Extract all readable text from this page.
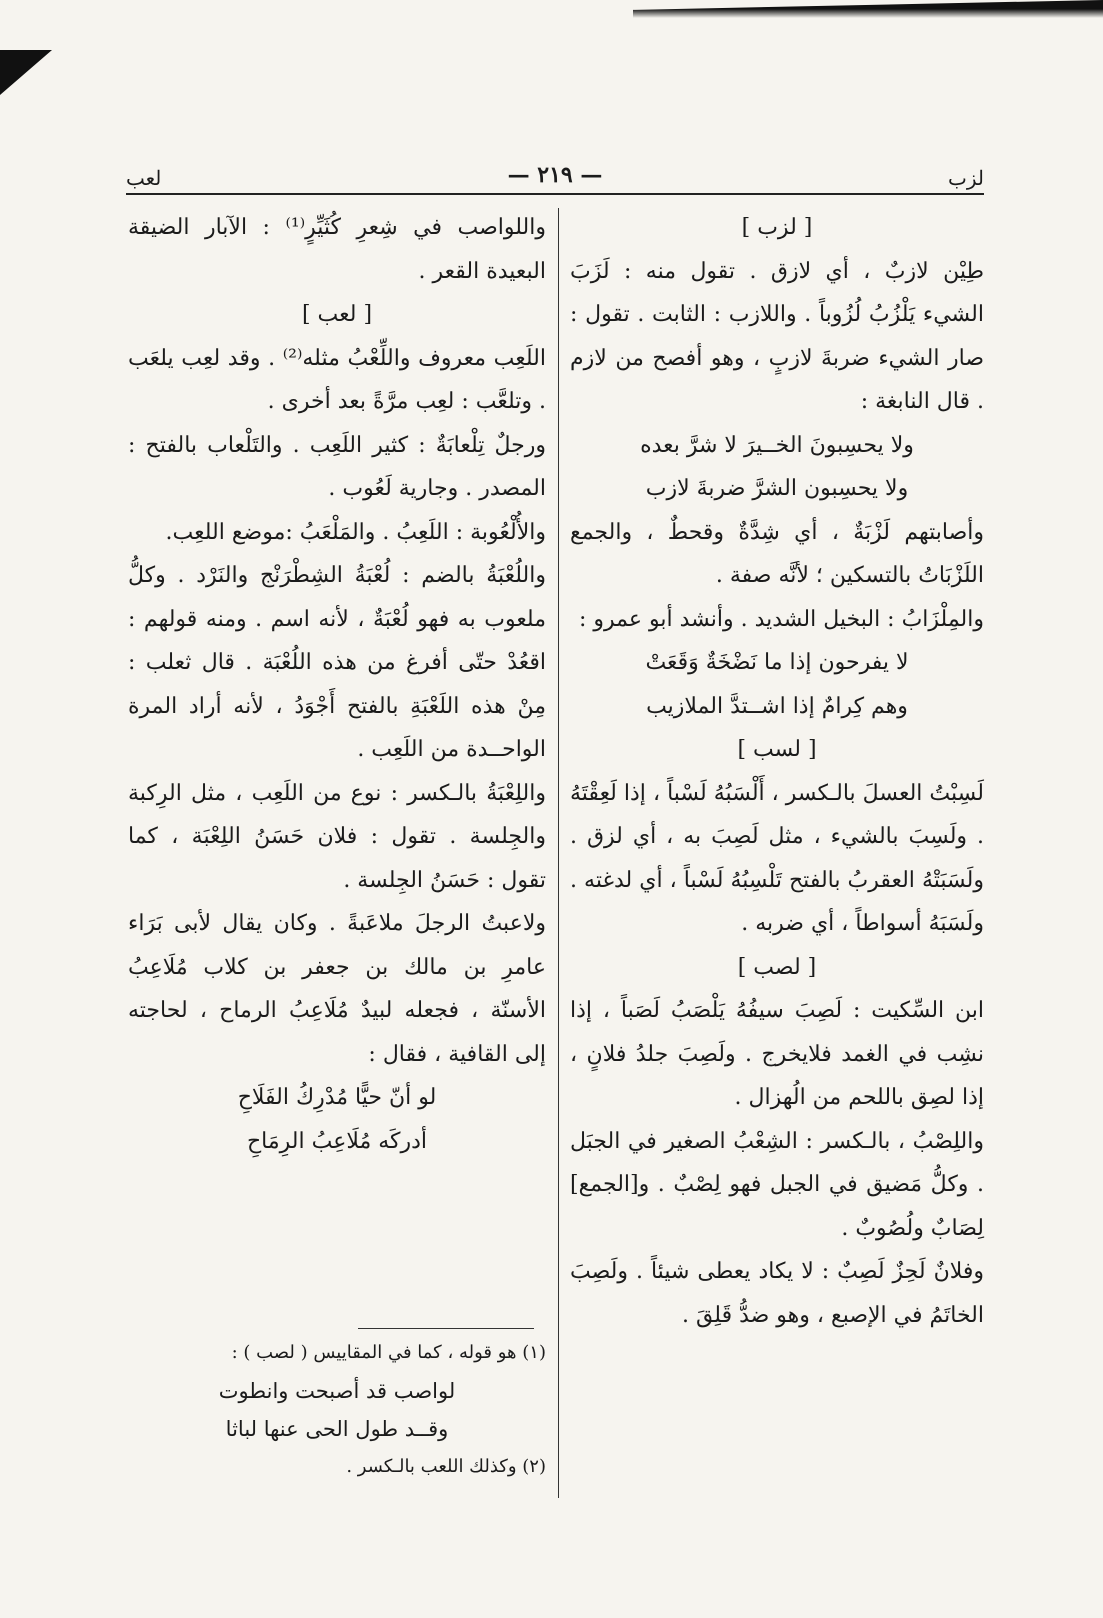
لزب
— ٢١٩ —
لعب

[ لزب ]

طِيْن لازبٌ ، أي لازق . تقول منه : لَزَبَ الشيء يَلْزُبُ لُزُوباً . واللازب : الثابت . تقول : صار الشيء ضربةَ لازبٍ ، وهو أفصح من لازم . قال النابغة :

ولا يحسِبونَ الخــيرَ لا شرَّ بعده

ولا يحسِبون الشرَّ ضربةَ لازب

وأصابتهم لَزْبَةٌ ، أي شِدَّةٌ وقحطٌ ، والجمع اللَزْبَاتُ بالتسكين ؛ لأنَّه صفة .

والمِلْزَابُ : البخيل الشديد . وأنشد أبو عمرو :

لا يفرحون إذا ما نَضْخَةٌ وَقَعَتْ

وهم كِرامٌ إذا اشــتدَّ الملازيب

[ لسب ]

لَسِبْتُ العسلَ بالـكسر ، أَلْسَبُهُ لَسْباً ، إذا لَعِقْتَهُ . ولَسِبَ بالشيء ، مثل لَصِبَ به ، أي لزق . ولَسَبَتْهُ العقربُ بالفتح تَلْسِبُهُ لَسْباً ، أي لدغته . ولَسَبَهُ أسواطاً ، أي ضربه .

[ لصب ]

ابن السِّكيت : لَصِبَ سيفُهُ يَلْصَبُ لَصَباً ، إذا نشِب في الغمد فلايخرج . ولَصِبَ جلدُ فلانٍ ، إذا لصِق باللحم من الُهزال .

واللِصْبُ ، بالـكسر : الشِعْبُ الصغير في الجبَل . وكلُّ مَضيق في الجبل فهو لِصْبٌ . و[الجمع] لِصَابٌ ولُصُوبٌ .

وفلانٌ لَحِزٌ لَصِبٌ : لا يكاد يعطى شيئاً . ولَصِبَ الخاتَمُ في الإصبع ، وهو ضدُّ قَلِقَ .

واللواصب في شِعرِ كُثَيِّرٍ⁽¹⁾ : الآبار الضيقة البعيدة القعر .

[ لعب ]

اللَعِب معروف واللِّعْبُ مثله⁽²⁾ . وقد لعِب يلعَب . وتلعَّب : لعِب مرَّةً بعد أخرى .

ورجلٌ تِلْعابَةٌ : كثير اللَعِب . والتَلْعاب بالفتح : المصدر . وجارية لَعُوب .

والأُلْعُوبة : اللَعِبُ . والمَلْعَبُ :موضع اللعِب.

واللُعْبَةُ بالضم : لُعْبَةُ الشِطْرَنْج والنَرْد . وكلُّ ملعوب به فهو لُعْبَةٌ ، لأنه اسم . ومنه قولهم : اقعُدْ حتّى أفرغ من هذه اللُعْبَة . قال ثعلب : مِنْ هذه اللَعْبَةِ بالفتح أَجْوَدُ ، لأنه أراد المرة الواحــدة من اللَعِب .

واللِعْبَةُ بالـكسر : نوع من اللَعِب ، مثل الرِكبة والجِلسة . تقول : فلان حَسَنُ اللِعْبَة ، كما تقول : حَسَنُ الجِلسة .

ولاعبتُ الرجلَ ملاعَبةً . وكان يقال لأبى بَرَاء عامرِ بن مالك بن جعفر بن كلاب مُلَاعِبُ الأسنّة ، فجعله لبيدٌ مُلَاعِبُ الرماح ، لحاجته إلى القافية ، فقال :

لو أنّ حيًّا مُدْرِكُ الفَلَاحِ

أدركَه مُلَاعِبُ الرِمَاحِ

(١) هو قوله ، كما في المقاييس ( لصب ) :

لواصب قد أصبحت وانطوت

وقــد طول الحى عنها لباثا

(٢) وكذلك اللعب بالـكسر .
